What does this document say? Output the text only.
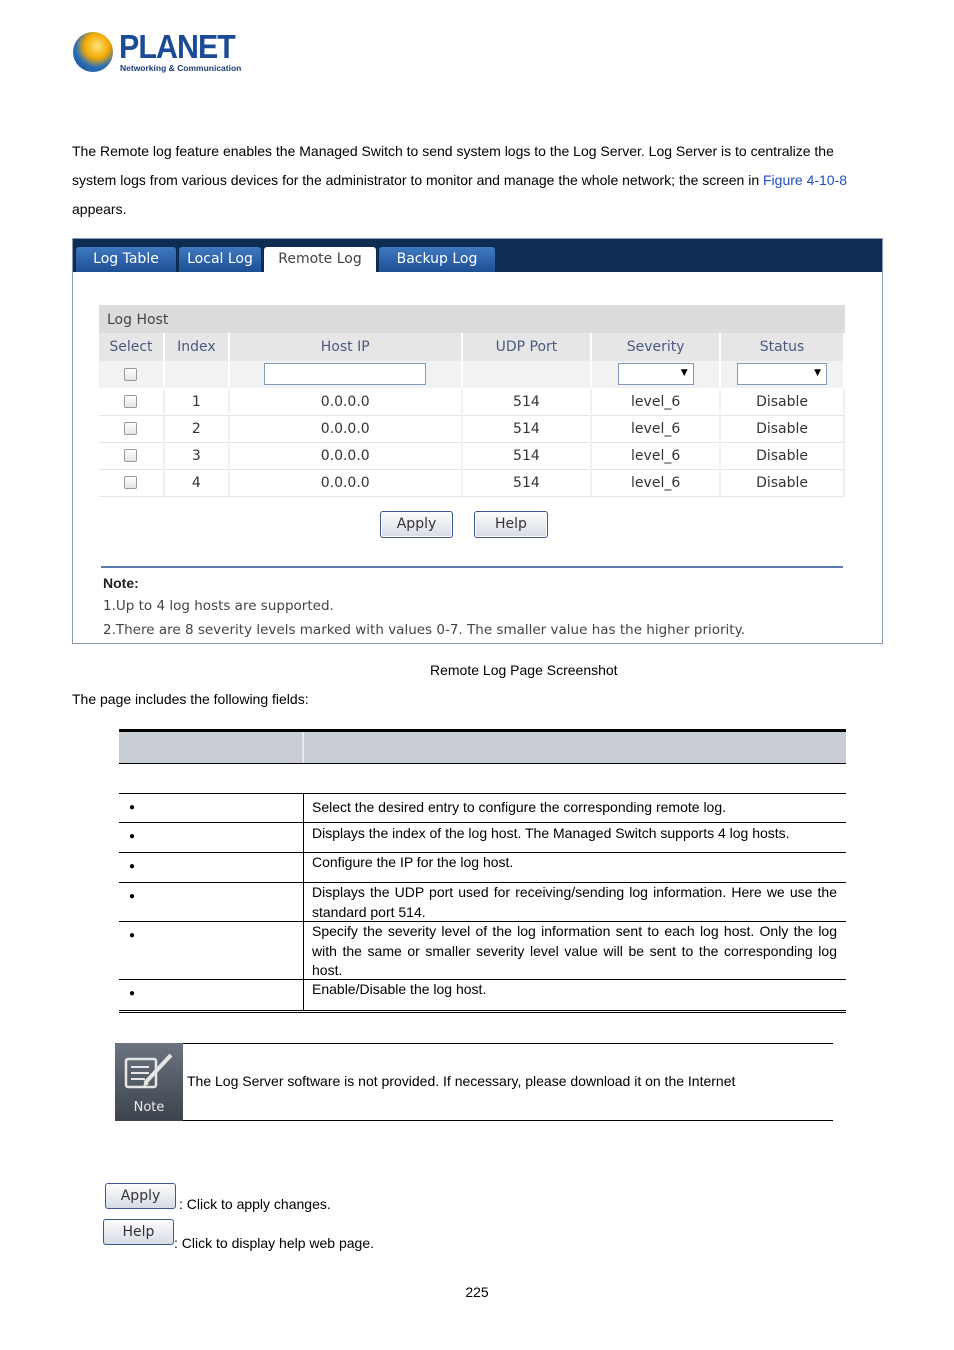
PLANET
Networking & Communication
The Remote log feature enables the Managed Switch to send system logs to the Log Server. Log Server is to centralize the system logs from various devices for the administrator to monitor and manage the whole network; the screen in Figure 4-10-8 appears.
Log Table	Local Log	Remote Log	Backup Log
Log Host
Select	Index	Host IP	UDP Port	Severity	Status
				▼	▼
	1	0.0.0.0	514	level_6	Disable
	2	0.0.0.0	514	level_6	Disable
	3	0.0.0.0	514	level_6	Disable
	4	0.0.0.0	514	level_6	Disable
Apply	Help
Note:
1.Up to 4 log hosts are supported.
2.There are 8 severity levels marked with values 0-7. The smaller value has the higher priority.
Remote Log Page Screenshot
The page includes the following fields:
●	Select the desired entry to configure the corresponding remote log.
●	Displays the index of the log host. The Managed Switch supports 4 log hosts.
●	Configure the IP for the log host.
●	Displays the UDP port used for receiving/sending log information. Here we use the standard port 514.
●	Specify the severity level of the log information sent to each log host. Only the log with the same or smaller severity level value will be sent to the corresponding log host.
●	Enable/Disable the log host.
Note
The Log Server software is not provided. If necessary, please download it on the Internet
Apply	: Click to apply changes.
Help
: Click to display help web page.
225
